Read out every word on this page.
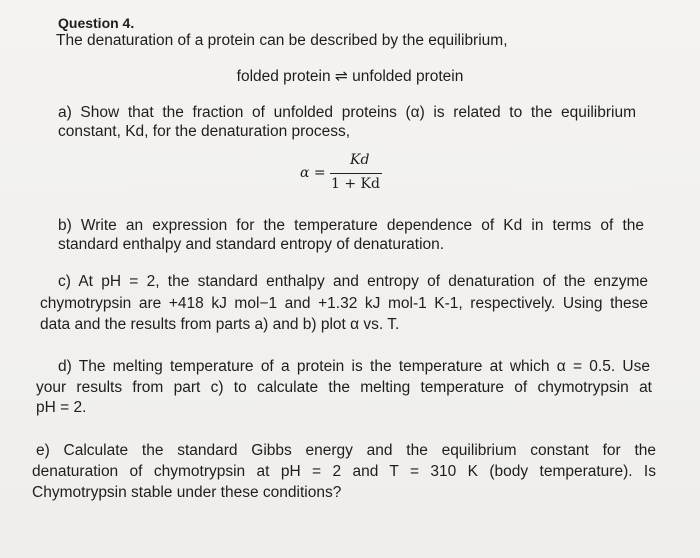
Question 4.
The denaturation of a protein can be described by the equilibrium,
folded protein ⇌ unfolded protein
a) Show that the fraction of unfolded proteins (α) is related to the equilibrium
constant, Kd, for the denaturation process,
α =
Kd
1 + Kd
b) Write an expression for the temperature dependence of Kd in terms of the
standard enthalpy and standard entropy of denaturation.
c) At pH = 2, the standard enthalpy and entropy of denaturation of the enzyme
chymotrypsin are +418 kJ mol−1 and +1.32 kJ mol-1 K-1, respectively. Using these
data and the results from parts a) and b) plot α vs. T.
d) The melting temperature of a protein is the temperature at which α = 0.5. Use
your results from part c) to calculate the melting temperature of chymotrypsin at
pH = 2.
e) Calculate the standard Gibbs energy and the equilibrium constant for the
denaturation of chymotrypsin at pH = 2 and T = 310 K (body temperature). Is
Chymotrypsin stable under these conditions?
